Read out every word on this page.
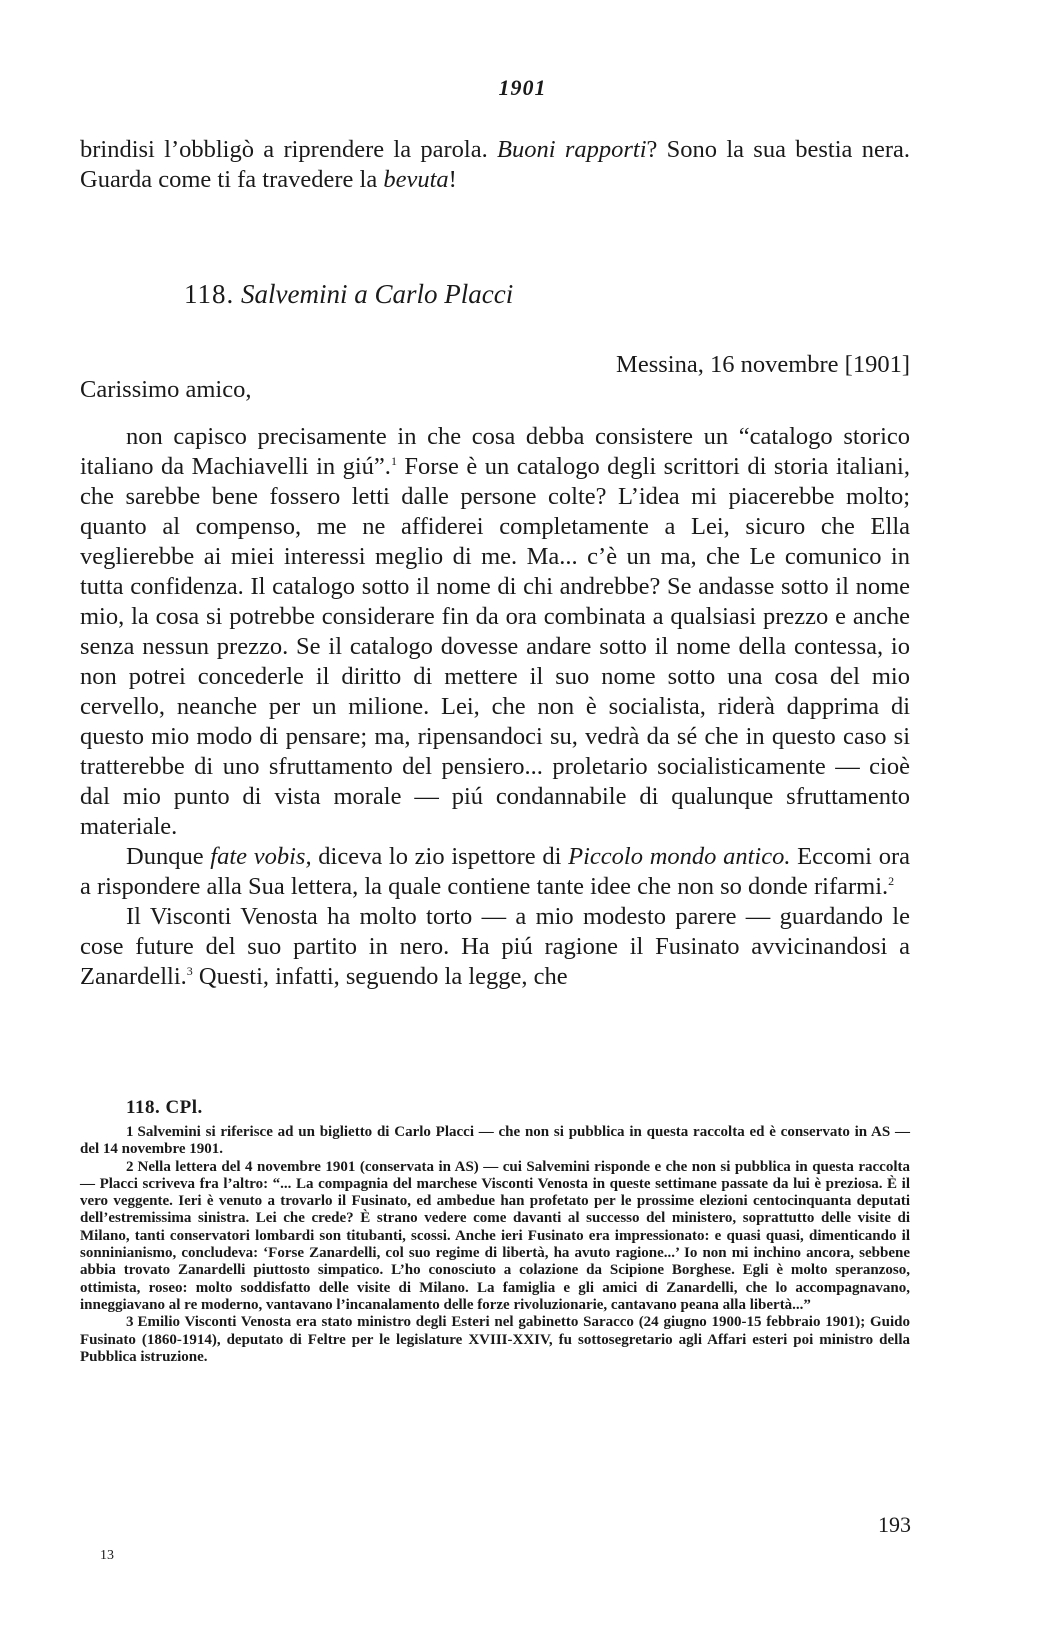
1901

brindisi l’obbligò a riprendere la parola. Buoni rapporti? Sono la sua bestia nera. Guarda come ti fa travedere la bevuta!

118. Salvemini a Carlo Placci
Messina, 16 novembre [1901]
Carissimo amico,

non capisco precisamente in che cosa debba consistere un “catalogo storico italiano da Machiavelli in giú”.$^1$ Forse è un catalogo degli scrittori di storia italiani, che sarebbe bene fossero letti dalle persone colte? L’idea mi piacerebbe molto; quanto al compenso, me ne affiderei completamente a Lei, sicuro che Ella veglierebbe ai miei interessi meglio di me. Ma... c’è un ma, che Le comunico in tutta confidenza. Il catalogo sotto il nome di chi andrebbe? Se andasse sotto il nome mio, la cosa si potrebbe considerare fin da ora combinata a qualsiasi prezzo e anche senza nessun prezzo. Se il catalogo dovesse andare sotto il nome della contessa, io non potrei concederle il diritto di mettere il suo nome sotto una cosa del mio cervello, neanche per un milione. Lei, che non è socialista, riderà dapprima di questo mio modo di pensare; ma, ripensandoci su, vedrà da sé che in questo caso si tratterebbe di uno sfruttamento del pensiero... proletario socialisticamente — cioè dal mio punto di vista morale — piú condannabile di qualunque sfruttamento materiale.

Dunque fate vobis, diceva lo zio ispettore di Piccolo mondo antico. Eccomi ora a rispondere alla Sua lettera, la quale contiene tante idee che non so donde rifarmi.$^2$

Il Visconti Venosta ha molto torto — a mio modesto parere — guardando le cose future del suo partito in nero. Ha piú ragione il Fusinato avvicinandosi a Zanardelli.$^3$ Questi, infatti, seguendo la legge, che

118. CPl.

1 Salvemini si riferisce ad un biglietto di Carlo Placci — che non si pubblica in questa raccolta ed è conservato in AS — del 14 novembre 1901.

2 Nella lettera del 4 novembre 1901 (conservata in AS) — cui Salvemini risponde e che non si pubblica in questa raccolta — Placci scriveva fra l’altro: “... La compagnia del marchese Visconti Venosta in queste settimane passate da lui è preziosa. È il vero veggente. Ieri è venuto a trovarlo il Fusinato, ed ambedue han profetato per le prossime elezioni centocinquanta deputati dell’estremissima sinistra. Lei che crede? È strano vedere come davanti al successo del ministero, soprattutto delle visite di Milano, tanti conservatori lombardi son titubanti, scossi. Anche ieri Fusinato era impressionato: e quasi quasi, dimenticando il sonninianismo, concludeva: ‘Forse Zanardelli, col suo regime di libertà, ha avuto ragione...’ Io non mi inchino ancora, sebbene abbia trovato Zanardelli piuttosto simpatico. L’ho conosciuto a colazione da Scipione Borghese. Egli è molto speranzoso, ottimista, roseo: molto soddisfatto delle visite di Milano. La famiglia e gli amici di Zanardelli, che lo accompagnavano, inneggiavano al re moderno, vantavano l’incanalamento delle forze rivoluzionarie, cantavano peana alla libertà...”

3 Emilio Visconti Venosta era stato ministro degli Esteri nel gabinetto Saracco (24 giugno 1900-15 febbraio 1901); Guido Fusinato (1860-1914), deputato di Feltre per le legislature XVIII-XXIV, fu sottosegretario agli Affari esteri poi ministro della Pubblica istruzione.

193
13
